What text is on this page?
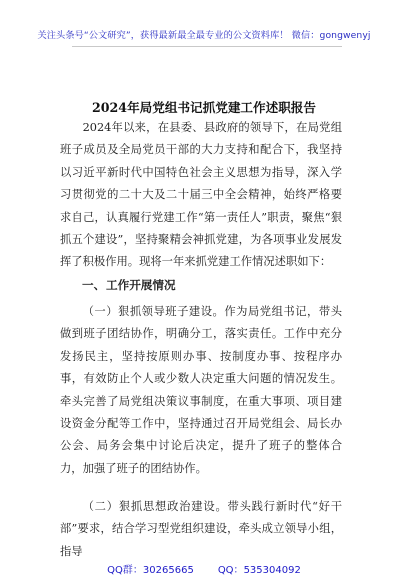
关注头条号“公文研究”，获得最新最全最专业的公文资料库！ 微信：gongwenyj
2024年局党组书记抓党建工作述职报告

2024年以来，在县委、县政府的领导下，在局党组班子成员及全局党员干部的大力支持和配合下，我坚持以习近平新时代中国特色社会主义思想为指导，深入学习贯彻党的二十大及二十届三中全会精神，始终严格要求自己，认真履行党建工作“第一责任人”职责，聚焦“狠抓五个建设”，坚持聚精会神抓党建，为各项事业发展发挥了积极作用。现将一年来抓党建工作情况述职如下：

一、工作开展情况

（一）狠抓领导班子建设。作为局党组书记，带头做到班子团结协作，明确分工，落实责任。工作中充分发扬民主，坚持按原则办事、按制度办事、按程序办事，有效防止个人或少数人决定重大问题的情况发生。牵头完善了局党组决策议事制度，在重大事项、项目建设资金分配等工作中，坚持通过召开局党组会、局长办公会、局务会集中讨论后决定，提升了班子的整体合力，加强了班子的团结协作。

（二）狠抓思想政治建设。带头践行新时代“好干部”要求，结合学习型党组织建设，牵头成立领导小组，指导

QQ群：30265665 QQ：535304092
